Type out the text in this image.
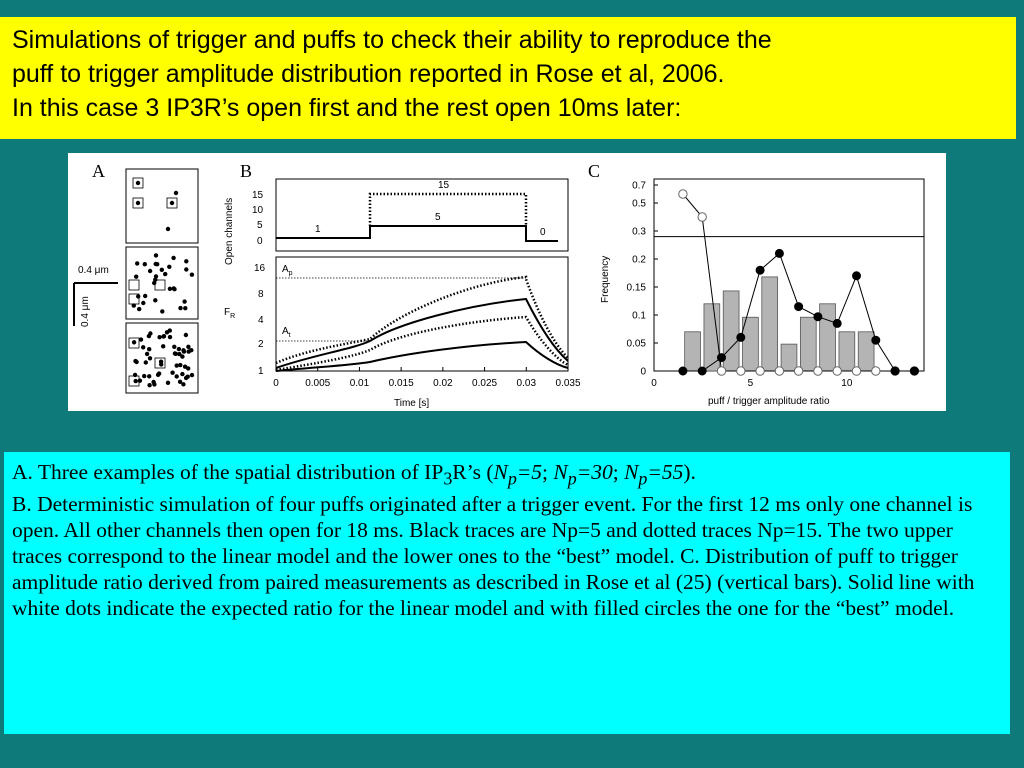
Simulations of trigger and puffs to check their ability to reproduce the
puff to trigger amplitude distribution reported in Rose et al, 2006.
In this case 3 IP3R’s open first and the rest open 10ms later:
A
0.4 μm
0.4 μm
B
Open channels
15
10
5
0
1
5
15
0
$F_R$
16
8
4
2
1
$A_p$
$A_t$
0	0.005 0.01 0.015 0.02 0.025 0.03 0.035
Time [s]
C
0
0.05
0.1
0.15
0.2
0.3
0.5
0.7
0	5	10
Frequency
puff / trigger amplitude ratio

A. Three examples of the spatial distribution of $IP_3R’s$ ($N_p=5$; $N_p=30$; $N_p=55$).

B. Deterministic simulation of four puffs originated after a trigger event. For the first 12 ms only one channel is open. All other channels then open for 18 ms. Black traces are Np=5 and dotted traces Np=15. The two upper traces correspond to the linear model and the lower ones to the “best” model. C. Distribution of puff to trigger amplitude ratio derived from paired measurements as described in Rose et al (25) (vertical bars). Solid line with white dots indicate the expected ratio for the linear model and with filled circles the one for the “best” model.
